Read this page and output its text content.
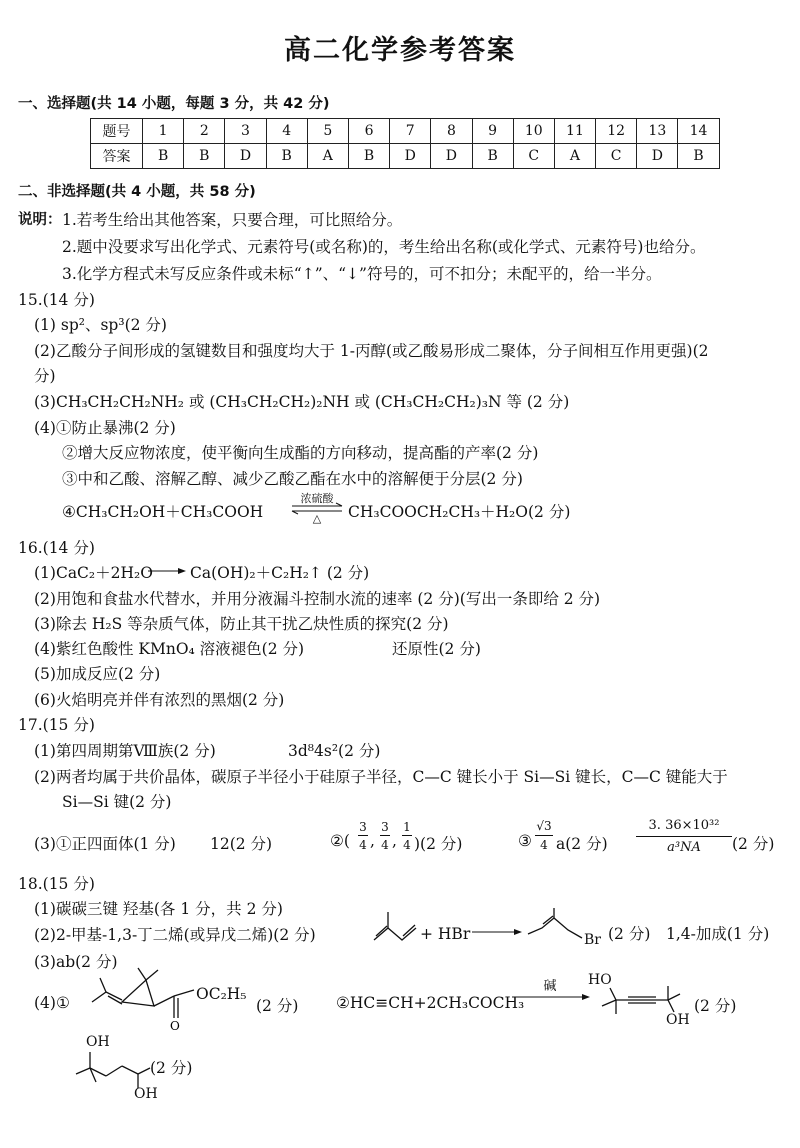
高二化学参考答案
一、选择题(共 14 小题，每题 3 分，共 42 分)
题号	1	2	3	4	5	6	7	8	9	10	11	12	13	14
答案	B	B	D	B	A	B	D	D	B	C	A	C	D	B
二、非选择题(共 4 小题，共 58 分)
说明： 1.若考生给出其他答案，只要合理，可比照给分。
2.题中没要求写出化学式、元素符号(或名称)的，考生给出名称(或化学式、元素符号)也给分。
3.化学方程式未写反应条件或未标“↑”、“↓”符号的，可不扣分；未配平的，给一半分。
15.(14 分)
(1) sp²、sp³(2 分)
(2)乙酸分子间形成的氢键数目和强度均大于 1-丙醇(或乙酸易形成二聚体，分子间相互作用更强)(2
分)
(3)CH₃CH₂CH₂NH₂ 或 (CH₃CH₂CH₂)₂NH 或 (CH₃CH₂CH₂)₃N 等 (2 分)
(4)①防止暴沸(2 分)
②增大反应物浓度，使平衡向生成酯的方向移动，提高酯的产率(2 分)
③中和乙酸、溶解乙醇、减少乙酸乙酯在水中的溶解便于分层(2 分)
④CH₃CH₂OH＋CH₃COOH
浓硫酸
△	CH₃COOCH₂CH₃＋H₂O(2 分)
16.(14 分)
(1)CaC₂＋2H₂O → Ca(OH)₂＋C₂H₂↑ (2 分)
(2)用饱和食盐水代替水，并用分液漏斗控制水流的速率 (2 分)(写出一条即给 2 分)
(3)除去 H₂S 等杂质气体，防止其干扰乙炔性质的探究(2 分)
(4)紫红色酸性 KMnO₄ 溶液褪色(2 分)	还原性(2 分)
(5)加成反应(2 分)
(6)火焰明亮并伴有浓烈的黑烟(2 分)
17.(15 分)
(1)第四周期第Ⅷ族(2 分)	3d⁸4s²(2 分)
(2)两者均属于共价晶体，碳原子半径小于硅原子半径，C—C 键长小于 Si—Si 键长，C—C 键能大于
Si—Si 键(2 分)
(3)①正四面体(1 分) 12(2 分)	②(
3
4 ,
3
4 ,
1
4 )(2 分)	③
√3
4 a(2 分)
3. 36×10³²
a³NA	(2 分)
18.(15 分)
(1)碳碳三键 羟基(各 1 分，共 2 分)
(2)2-甲基-1,3-丁二烯(或异戊二烯)(2 分)	+ HBr →	Br (2 分) 1,4-加成(1 分)
(3)ab(2 分)
(4)①
O
OC₂H₅
(2 分) ②HC≡CH+2CH₃COCH₃
碱	HO
OH
(2 分)
OH
OH
(2 分)
